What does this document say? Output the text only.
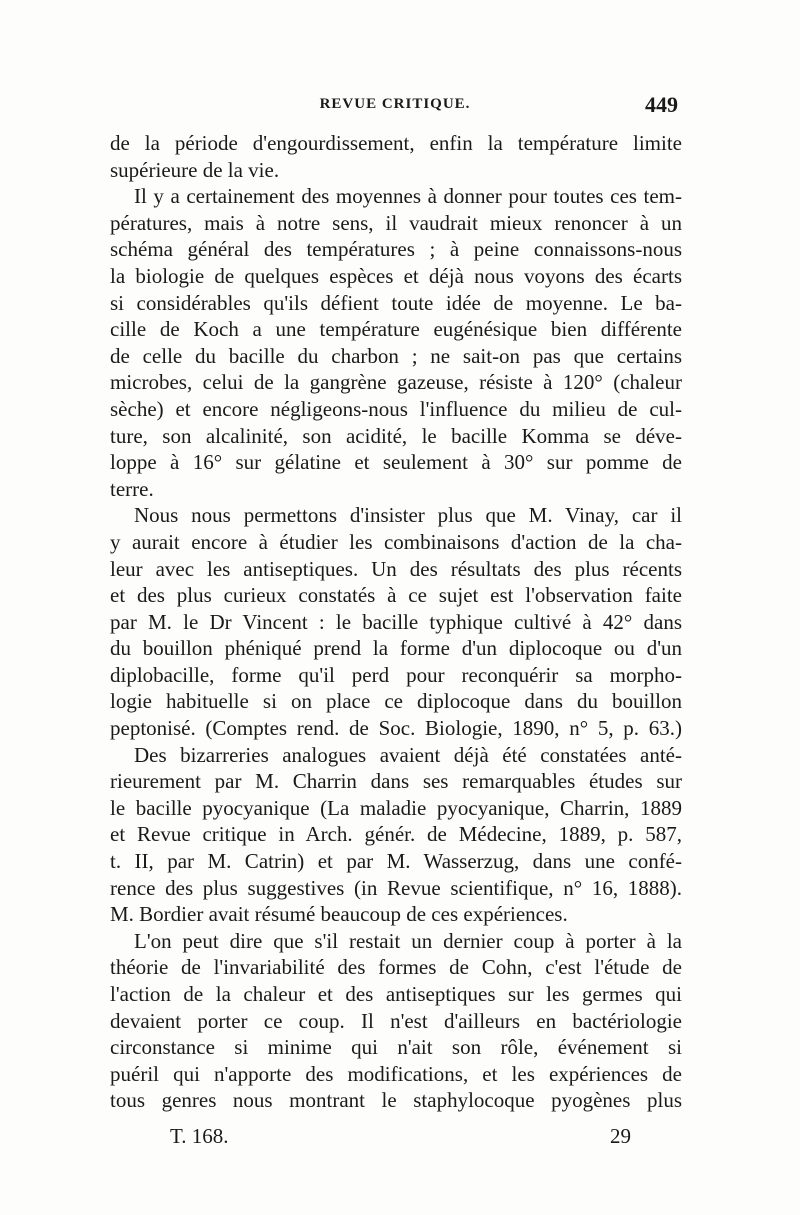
REVUE CRITIQUE.	449
de la période d'engourdissement, enfin la température limite
supérieure de la vie.
Il y a certainement des moyennes à donner pour toutes ces tem-
pératures, mais à notre sens, il vaudrait mieux renoncer à un
schéma général des températures ; à peine connaissons-nous
la biologie de quelques espèces et déjà nous voyons des écarts
si considérables qu'ils défient toute idée de moyenne. Le ba-
cille de Koch a une température eugénésique bien différente
de celle du bacille du charbon ; ne sait-on pas que certains
microbes, celui de la gangrène gazeuse, résiste à 120° (chaleur
sèche) et encore négligeons-nous l'influence du milieu de cul-
ture, son alcalinité, son acidité, le bacille Komma se déve-
loppe à 16° sur gélatine et seulement à 30° sur pomme de
terre.
Nous nous permettons d'insister plus que M. Vinay, car il
y aurait encore à étudier les combinaisons d'action de la cha-
leur avec les antiseptiques. Un des résultats des plus récents
et des plus curieux constatés à ce sujet est l'observation faite
par M. le Dr Vincent : le bacille typhique cultivé à 42° dans
du bouillon phéniqué prend la forme d'un diplocoque ou d'un
diplobacille, forme qu'il perd pour reconquérir sa morpho-
logie habituelle si on place ce diplocoque dans du bouillon
peptonisé. (Comptes rend. de Soc. Biologie, 1890, n° 5, p. 63.)
Des bizarreries analogues avaient déjà été constatées anté-
rieurement par M. Charrin dans ses remarquables études sur
le bacille pyocyanique (La maladie pyocyanique, Charrin, 1889
et Revue critique in Arch. génér. de Médecine, 1889, p. 587,
t. II, par M. Catrin) et par M. Wasserzug, dans une confé-
rence des plus suggestives (in Revue scientifique, n° 16, 1888).
M. Bordier avait résumé beaucoup de ces expériences.
L'on peut dire que s'il restait un dernier coup à porter à la
théorie de l'invariabilité des formes de Cohn, c'est l'étude de
l'action de la chaleur et des antiseptiques sur les germes qui
devaient porter ce coup. Il n'est d'ailleurs en bactériologie
circonstance si minime qui n'ait son rôle, événement si
puéril qui n'apporte des modifications, et les expériences de
tous genres nous montrant le staphylocoque pyogènes plus
T. 168.	29
